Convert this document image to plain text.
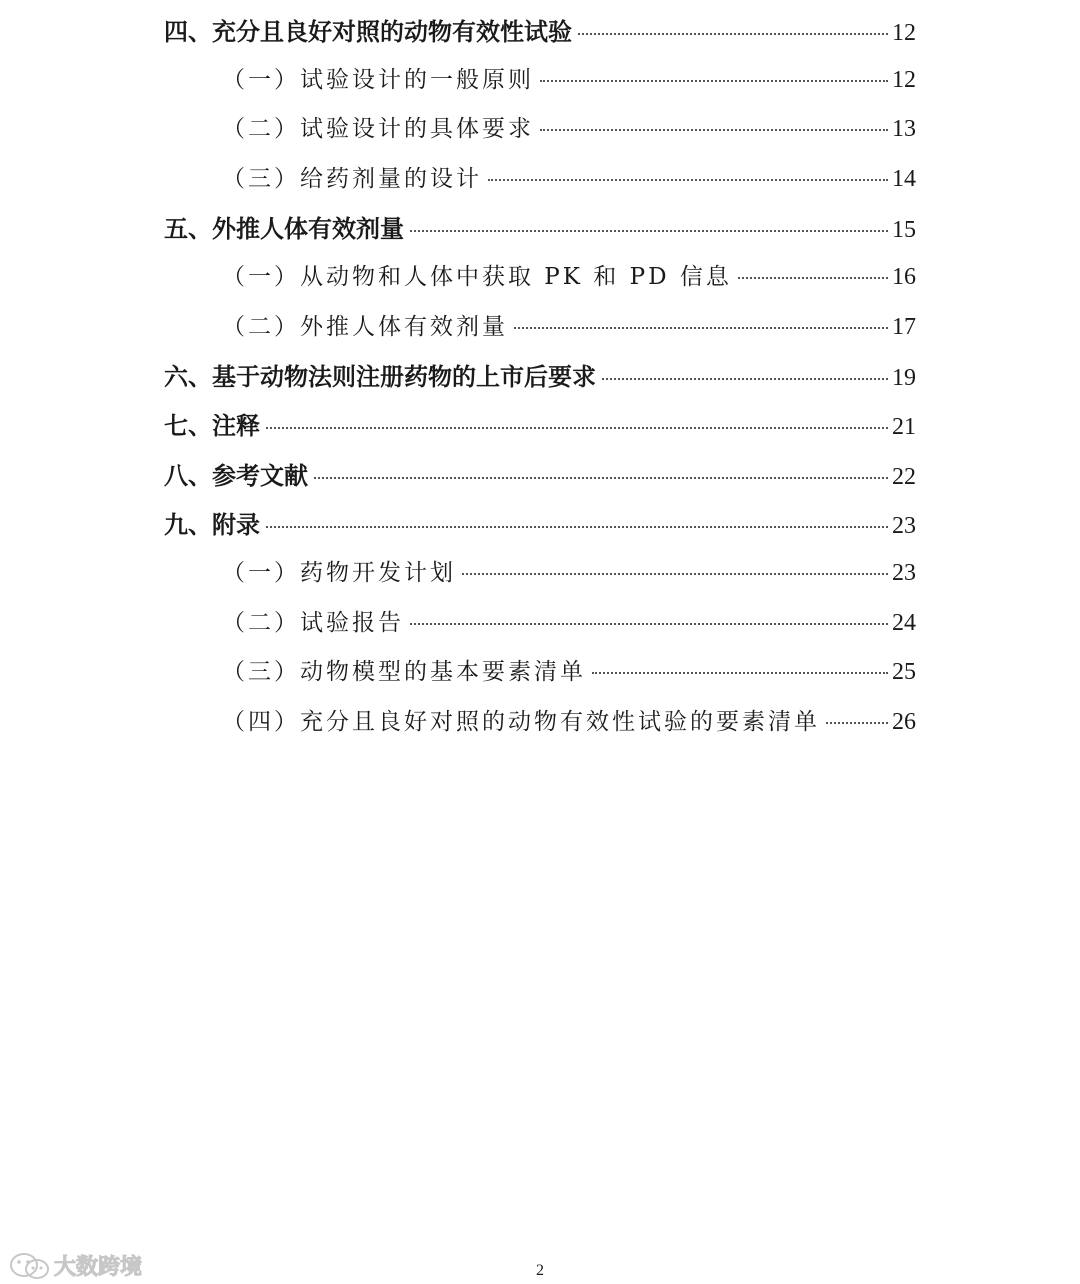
四、充分且良好对照的动物有效性试验	12
（一）试验设计的一般原则	12
（二）试验设计的具体要求	13
（三）给药剂量的设计	14
五、外推人体有效剂量	15
（一）从动物和人体中获取 PK 和 PD 信息	16
（二）外推人体有效剂量	17
六、基于动物法则注册药物的上市后要求	19
七、注释	21
八、参考文献	22
九、附录	23
（一）药物开发计划	23
（二）试验报告	24
（三）动物模型的基本要素清单	25
（四）充分且良好对照的动物有效性试验的要素清单	26
大数跨境	2
